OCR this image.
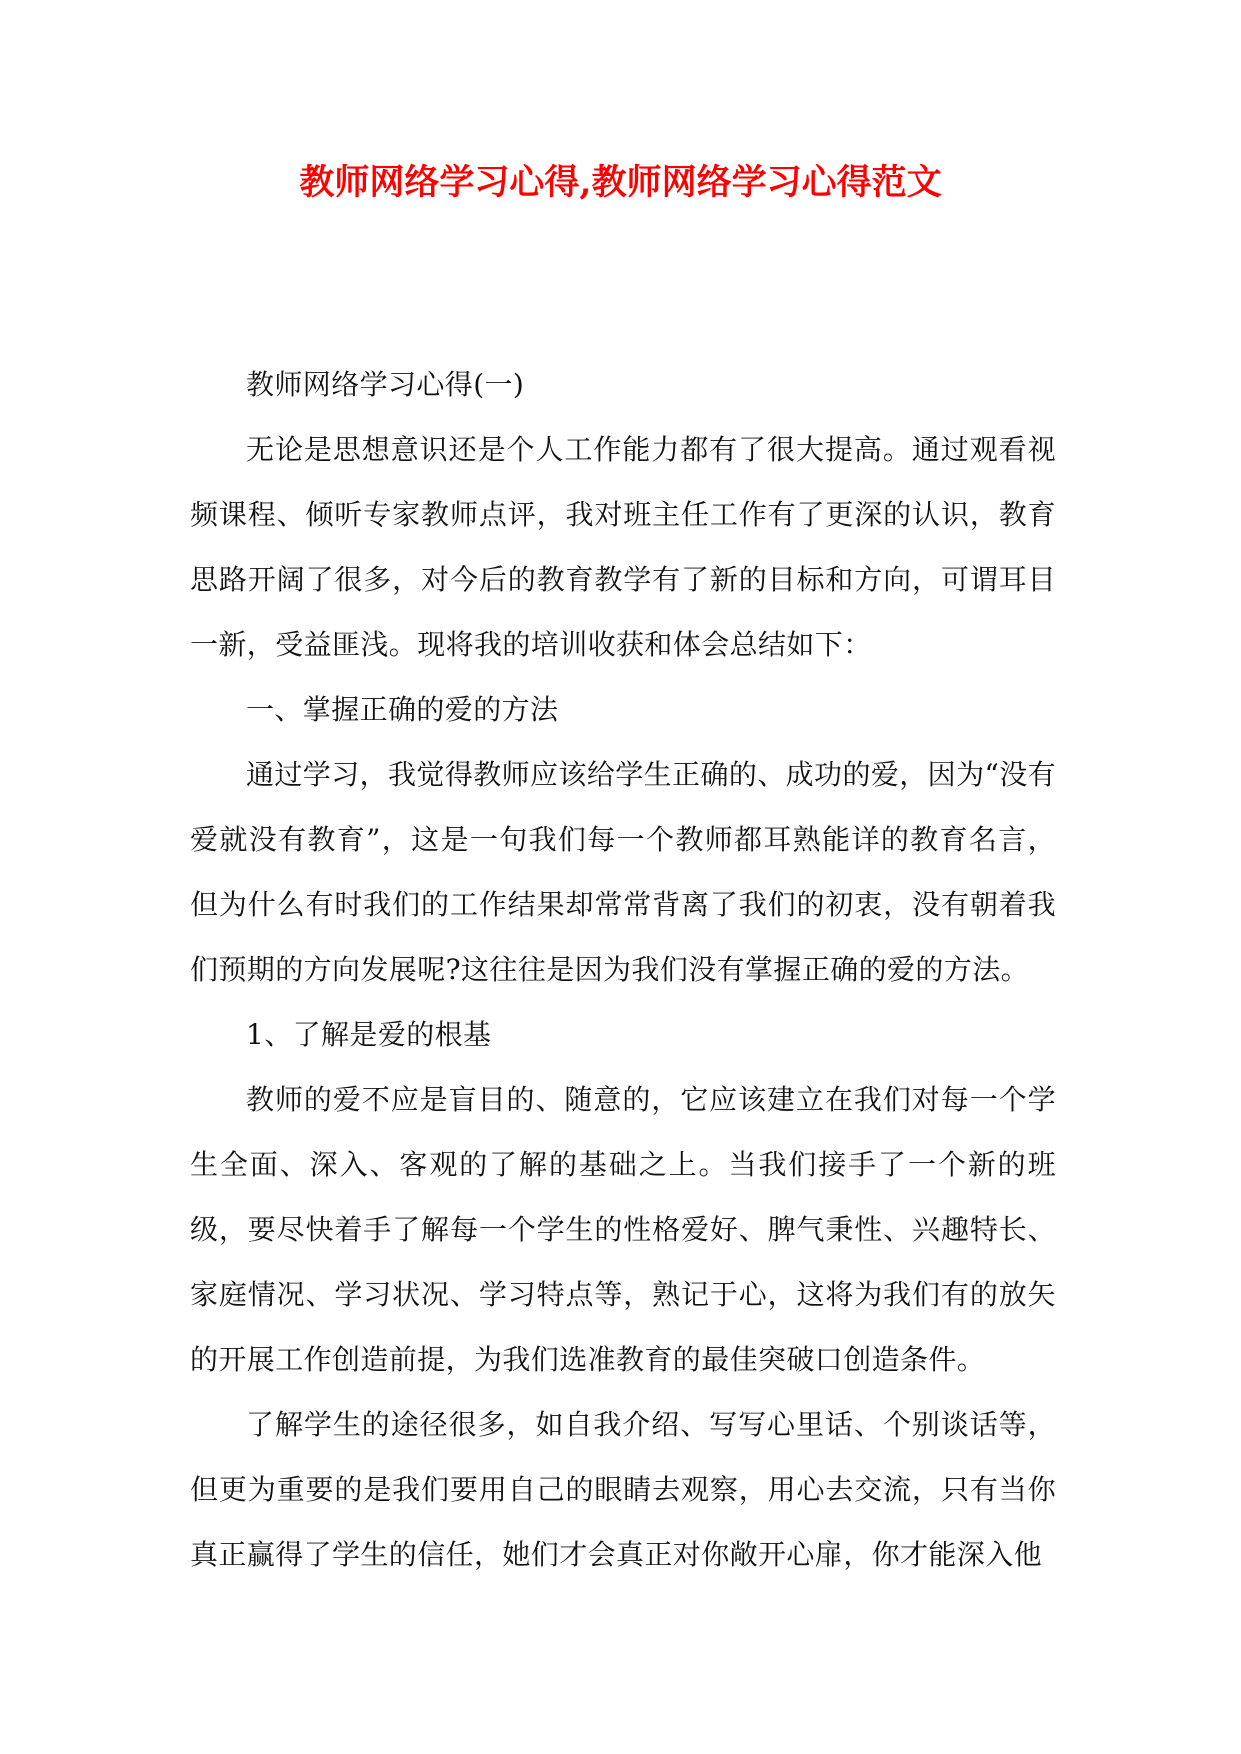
教师网络学习心得,教师网络学习心得范文

教师网络学习心得(一)

无论是思想意识还是个人工作能力都有了很大提高。通过观看视频课程、倾听专家教师点评，我对班主任工作有了更深的认识，教育思路开阔了很多，对今后的教育教学有了新的目标和方向，可谓耳目一新，受益匪浅。现将我的培训收获和体会总结如下：

一、掌握正确的爱的方法

通过学习，我觉得教师应该给学生正确的、成功的爱，因为“没有爱就没有教育”，这是一句我们每一个教师都耳熟能详的教育名言，但为什么有时我们的工作结果却常常背离了我们的初衷，没有朝着我们预期的方向发展呢?这往往是因为我们没有掌握正确的爱的方法。

1、了解是爱的根基

教师的爱不应是盲目的、随意的，它应该建立在我们对每一个学生全面、深入、客观的了解的基础之上。当我们接手了一个新的班级，要尽快着手了解每一个学生的性格爱好、脾气秉性、兴趣特长、家庭情况、学习状况、学习特点等，熟记于心，这将为我们有的放矢的开展工作创造前提，为我们选准教育的最佳突破口创造条件。

了解学生的途径很多，如自我介绍、写写心里话、个别谈话等，但更为重要的是我们要用自己的眼睛去观察，用心去交流，只有当你真正赢得了学生的信任，她们才会真正对你敞开心扉，你才能深入他
